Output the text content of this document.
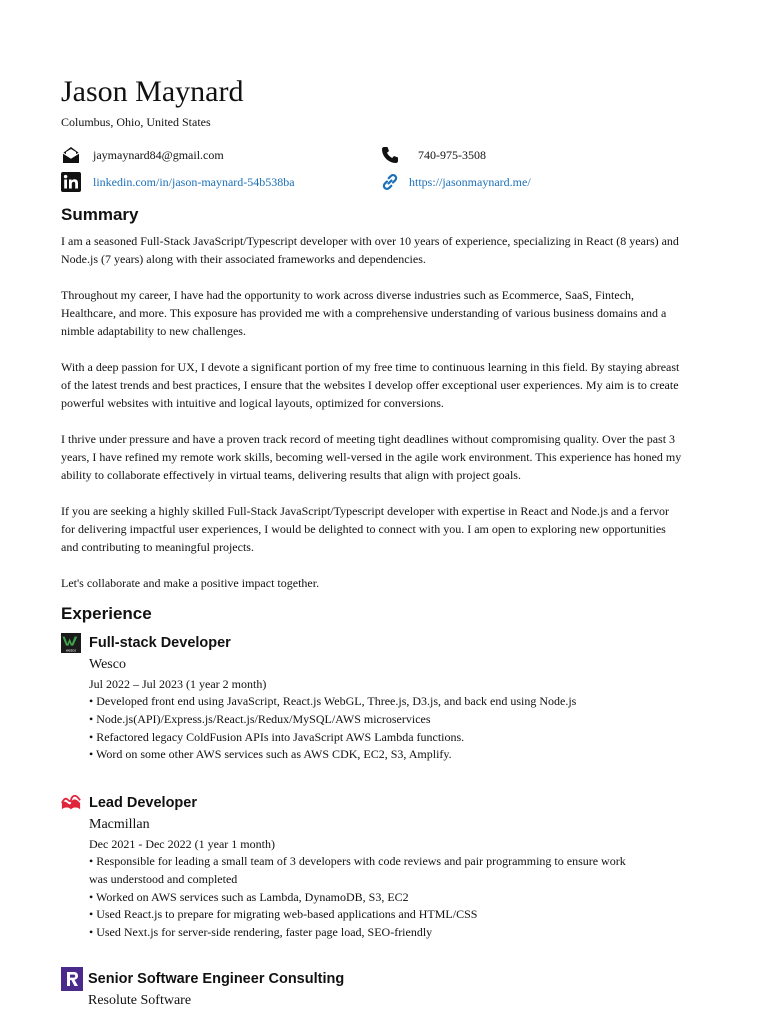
Jason Maynard
Columbus, Ohio, United States
jaymaynard84@gmail.com	740-975-3508
linkedin.com/in/jason-maynard-54b538ba	https://jasonmaynard.me/
Summary

I am a seasoned Full-Stack JavaScript/Typescript developer with over 10 years of experience, specializing in React (8 years) and Node.js (7 years) along with their associated frameworks and dependencies.

Throughout my career, I have had the opportunity to work across diverse industries such as Ecommerce, SaaS, Fintech, Healthcare, and more. This exposure has provided me with a comprehensive understanding of various business domains and a nimble adaptability to new challenges.

With a deep passion for UX, I devote a significant portion of my free time to continuous learning in this field. By staying abreast of the latest trends and best practices, I ensure that the websites I develop offer exceptional user experiences. My aim is to create powerful websites with intuitive and logical layouts, optimized for conversions.

I thrive under pressure and have a proven track record of meeting tight deadlines without compromising quality. Over the past 3 years, I have refined my remote work skills, becoming well-versed in the agile work environment. This experience has honed my ability to collaborate effectively in virtual teams, delivering results that align with project goals.

If you are seeking a highly skilled Full-Stack JavaScript/Typescript developer with expertise in React and Node.js and a fervor for delivering impactful user experiences, I would be delighted to connect with you. I am open to exploring new opportunities and contributing to meaningful projects.

Let's collaborate and make a positive impact together.

Experience
wesco Full-stack Developer
Wesco
Jul 2022 – Jul 2023 (1 year 2 month)
• Developed front end using JavaScript, React.js WebGL, Three.js, D3.js, and back end using Node.js
• Node.js(API)/Express.js/React.js/Redux/MySQL/AWS microservices
• Refactored legacy ColdFusion APIs into JavaScript AWS Lambda functions.
• Word on some other AWS services such as AWS CDK, EC2, S3, Amplify.
Lead Developer
Macmillan
Dec 2021 - Dec 2022 (1 year 1 month)
• Responsible for leading a small team of 3 developers with code reviews and pair programming to ensure work was understood and completed
• Worked on AWS services such as Lambda, DynamoDB, S3, EC2
• Used React.js to prepare for migrating web-based applications and HTML/CSS
• Used Next.js for server-side rendering, faster page load, SEO-friendly
Senior Software Engineer Consulting
Resolute Software
